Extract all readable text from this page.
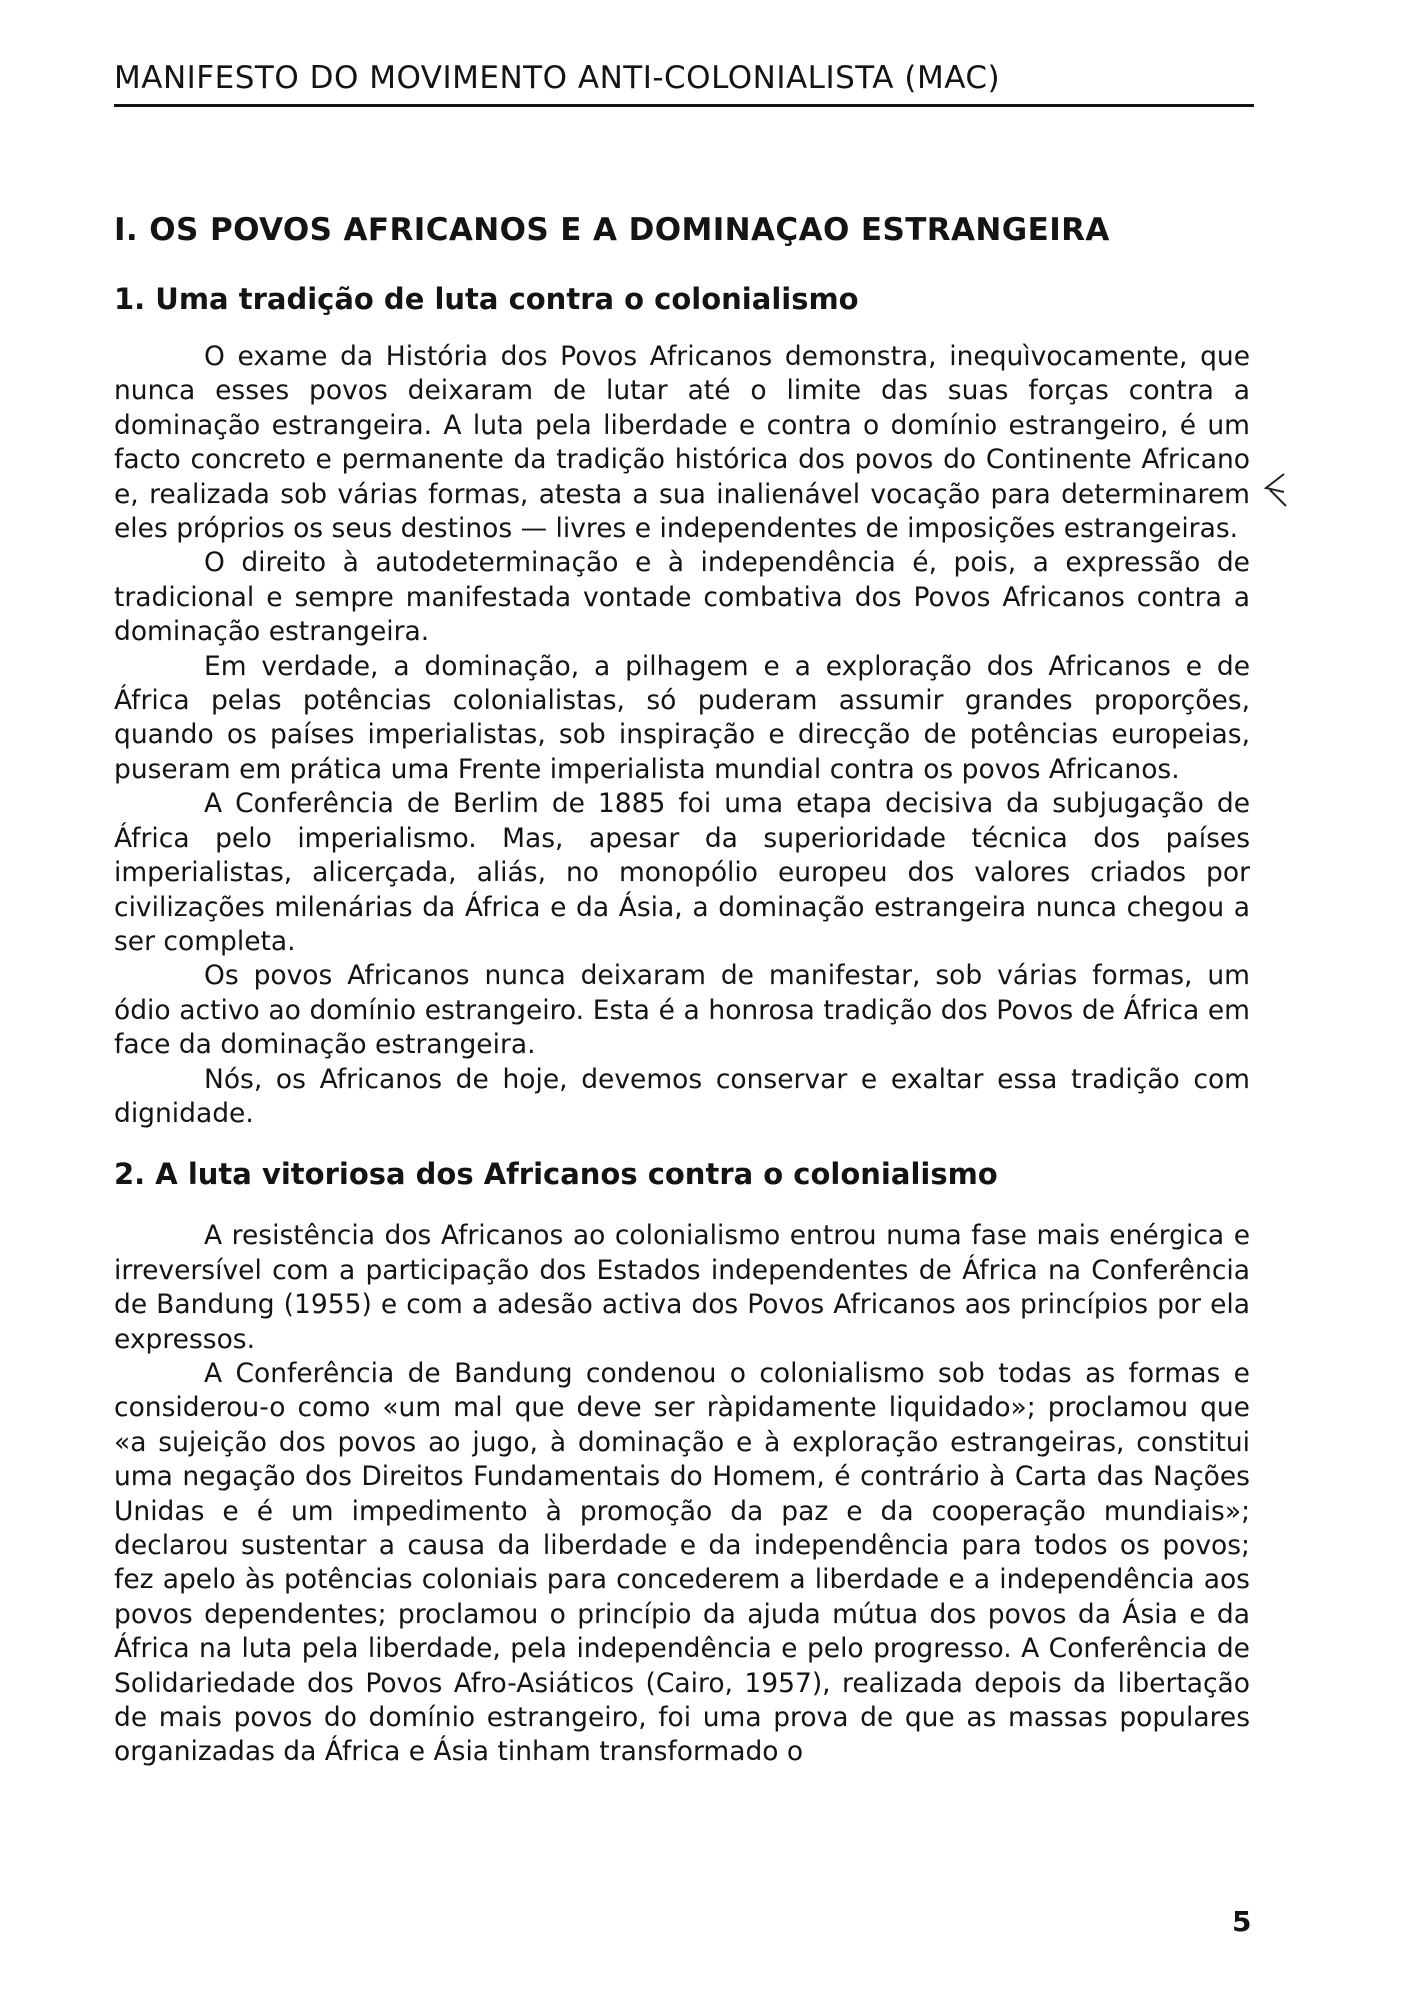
MANIFESTO DO MOVIMENTO ANTI-COLONIALISTA (MAC)
I. OS POVOS AFRICANOS E A DOMINAÇAO ESTRANGEIRA
1. Uma tradição de luta contra o colonialismo

O exame da História dos Povos Africanos demonstra, inequìvocamente, que nunca esses povos deixaram de lutar até o limite das suas forças contra a dominação estrangeira. A luta pela liberdade e contra o domínio estrangeiro, é um facto concreto e permanente da tradição histórica dos povos do Continente Africano e, realizada sob várias formas, atesta a sua inalienável vocação para determinarem eles próprios os seus destinos — livres e independentes de imposições estrangeiras.

O direito à autodeterminação e à independência é, pois, a expressão de tradicional e sempre manifestada vontade combativa dos Povos Africanos contra a dominação estrangeira.

Em verdade, a dominação, a pilhagem e a exploração dos Africanos e de África pelas potências colonialistas, só puderam assumir grandes proporções, quando os países imperialistas, sob inspiração e direcção de potências europeias, puseram em prática uma Frente imperialista mundial contra os povos Africanos.

A Conferência de Berlim de 1885 foi uma etapa decisiva da subjugação de África pelo imperialismo. Mas, apesar da superioridade técnica dos países imperialistas, alicerçada, aliás, no monopólio europeu dos valores criados por civilizações milenárias da África e da Ásia, a dominação estrangeira nunca chegou a ser completa.

Os povos Africanos nunca deixaram de manifestar, sob várias formas, um ódio activo ao domínio estrangeiro. Esta é a honrosa tradição dos Povos de África em face da dominação estrangeira.

Nós, os Africanos de hoje, devemos conservar e exaltar essa tradição com dignidade.

2. A luta vitoriosa dos Africanos contra o colonialismo

A resistência dos Africanos ao colonialismo entrou numa fase mais enérgica e irreversível com a participação dos Estados independentes de África na Conferência de Bandung (1955) e com a adesão activa dos Povos Africanos aos princípios por ela expressos.

A Conferência de Bandung condenou o colonialismo sob todas as formas e considerou-o como «um mal que deve ser ràpidamente liquidado»; proclamou que «a sujeição dos povos ao jugo, à dominação e à exploração estrangeiras, constitui uma negação dos Direitos Fundamentais do Homem, é contrário à Carta das Nações Unidas e é um impedimento à promoção da paz e da cooperação mundiais»; declarou sustentar a causa da liberdade e da independência para todos os povos; fez apelo às potências coloniais para concederem a liberdade e a independência aos povos dependentes; proclamou o princípio da ajuda mútua dos povos da Ásia e da África na luta pela liberdade, pela independência e pelo progresso. A Conferência de Solidariedade dos Povos Afro-Asiáticos (Cairo, 1957), realizada depois da libertação de mais povos do domínio estrangeiro, foi uma prova de que as massas populares organizadas da África e Ásia tinham transformado o

5
